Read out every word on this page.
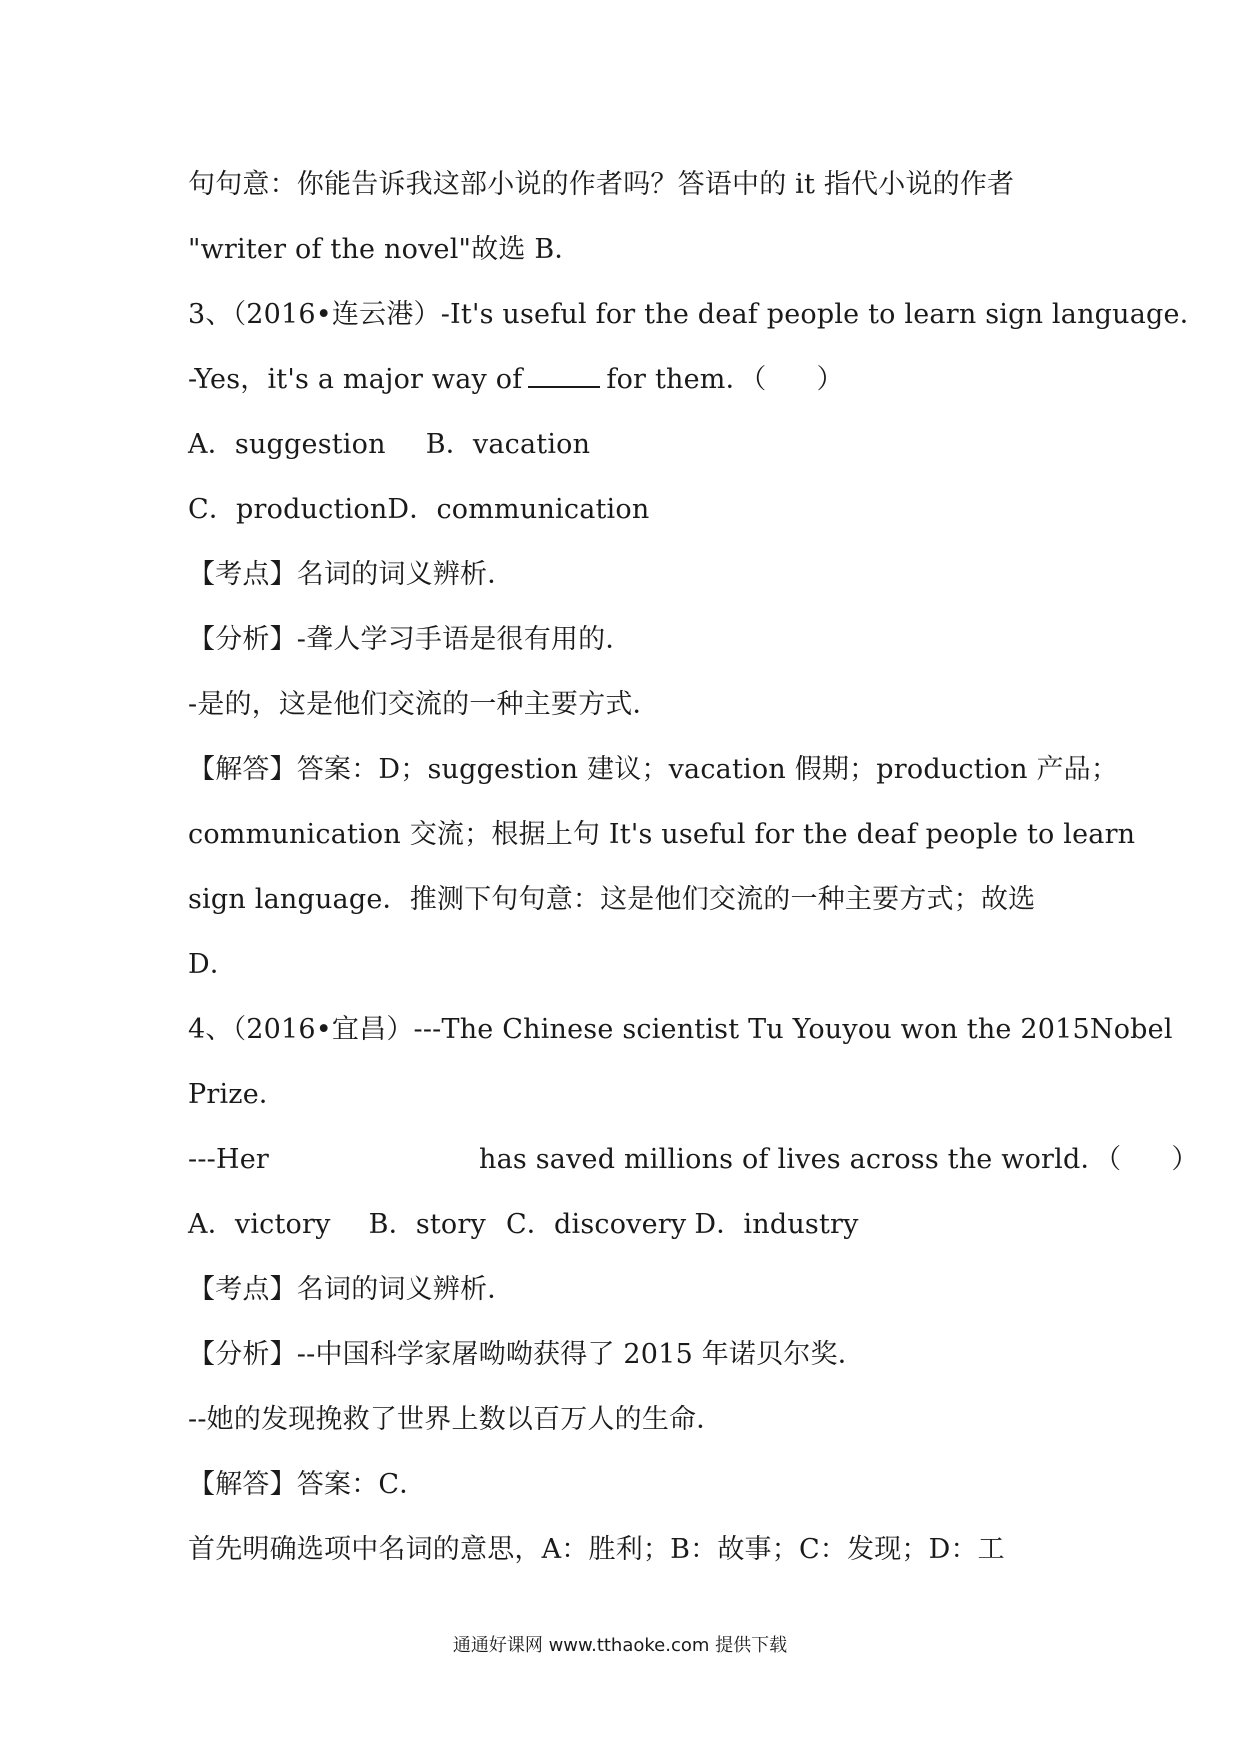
句句意：你能告诉我这部小说的作者吗？答语中的 it 指代小说的作者
"writer of the novel"故选 B．
3、（2016•连云港）-It's useful for the deaf people to learn sign language．
-Yes，it's a major way of	for them．（ ）
A．suggestion B．vacation
C．productionD．communication
【考点】名词的词义辨析．
【分析】-聋人学习手语是很有用的．
-是的，这是他们交流的一种主要方式．
【解答】答案：D；suggestion 建议；vacation 假期；production 产品；
communication 交流；根据上句 It's useful for the deaf people to learn
sign language．推测下句句意：这是他们交流的一种主要方式；故选
D．
4、（2016•宜昌）---The Chinese scientist Tu Youyou won the 2015Nobel
Prize．
---Her	has saved millions of lives across the world．（ ）
A．victory B．story C．discovery D．industry
【考点】名词的词义辨析．
【分析】--中国科学家屠呦呦获得了 2015 年诺贝尔奖．
--她的发现挽救了世界上数以百万人的生命．
【解答】答案：C．
首先明确选项中名词的意思，A：胜利；B：故事；C：发现；D：工
通通好课网 www.tthaoke.com 提供下载
